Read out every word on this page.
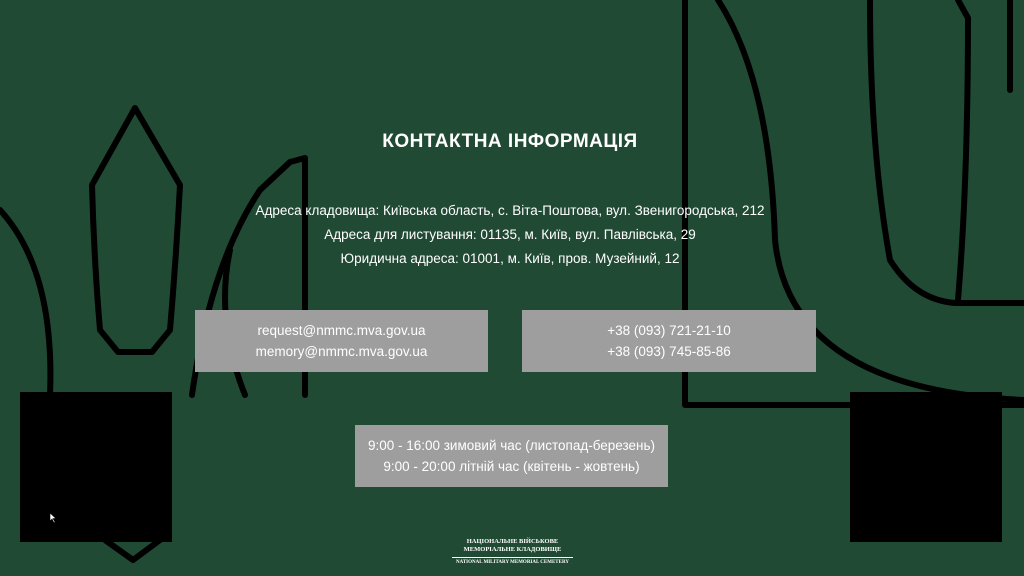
КОНТАКТНА ІНФОРМАЦІЯ
Адреса кладовища: Київська область, с. Віта-Поштова, вул. Звенигородська, 212
Адреса для листування: 01135, м. Київ, вул. Павлівська, 29
Юридична адреса: 01001, м. Київ, пров. Музейний, 12
request@nmmc.mva.gov.ua
memory@nmmc.mva.gov.ua
+38 (093) 721-21-10
+38 (093) 745-85-86
9:00 - 16:00 зимовий час (листопад-березень)
9:00 - 20:00 літній час (квітень - жовтень)
НАЦІОНАЛЬНЕ ВІЙСЬКОВЕ
МЕМОРІАЛЬНЕ КЛАДОВИЩЕ
NATIONAL MILITARY MEMORIAL CEMETERY
